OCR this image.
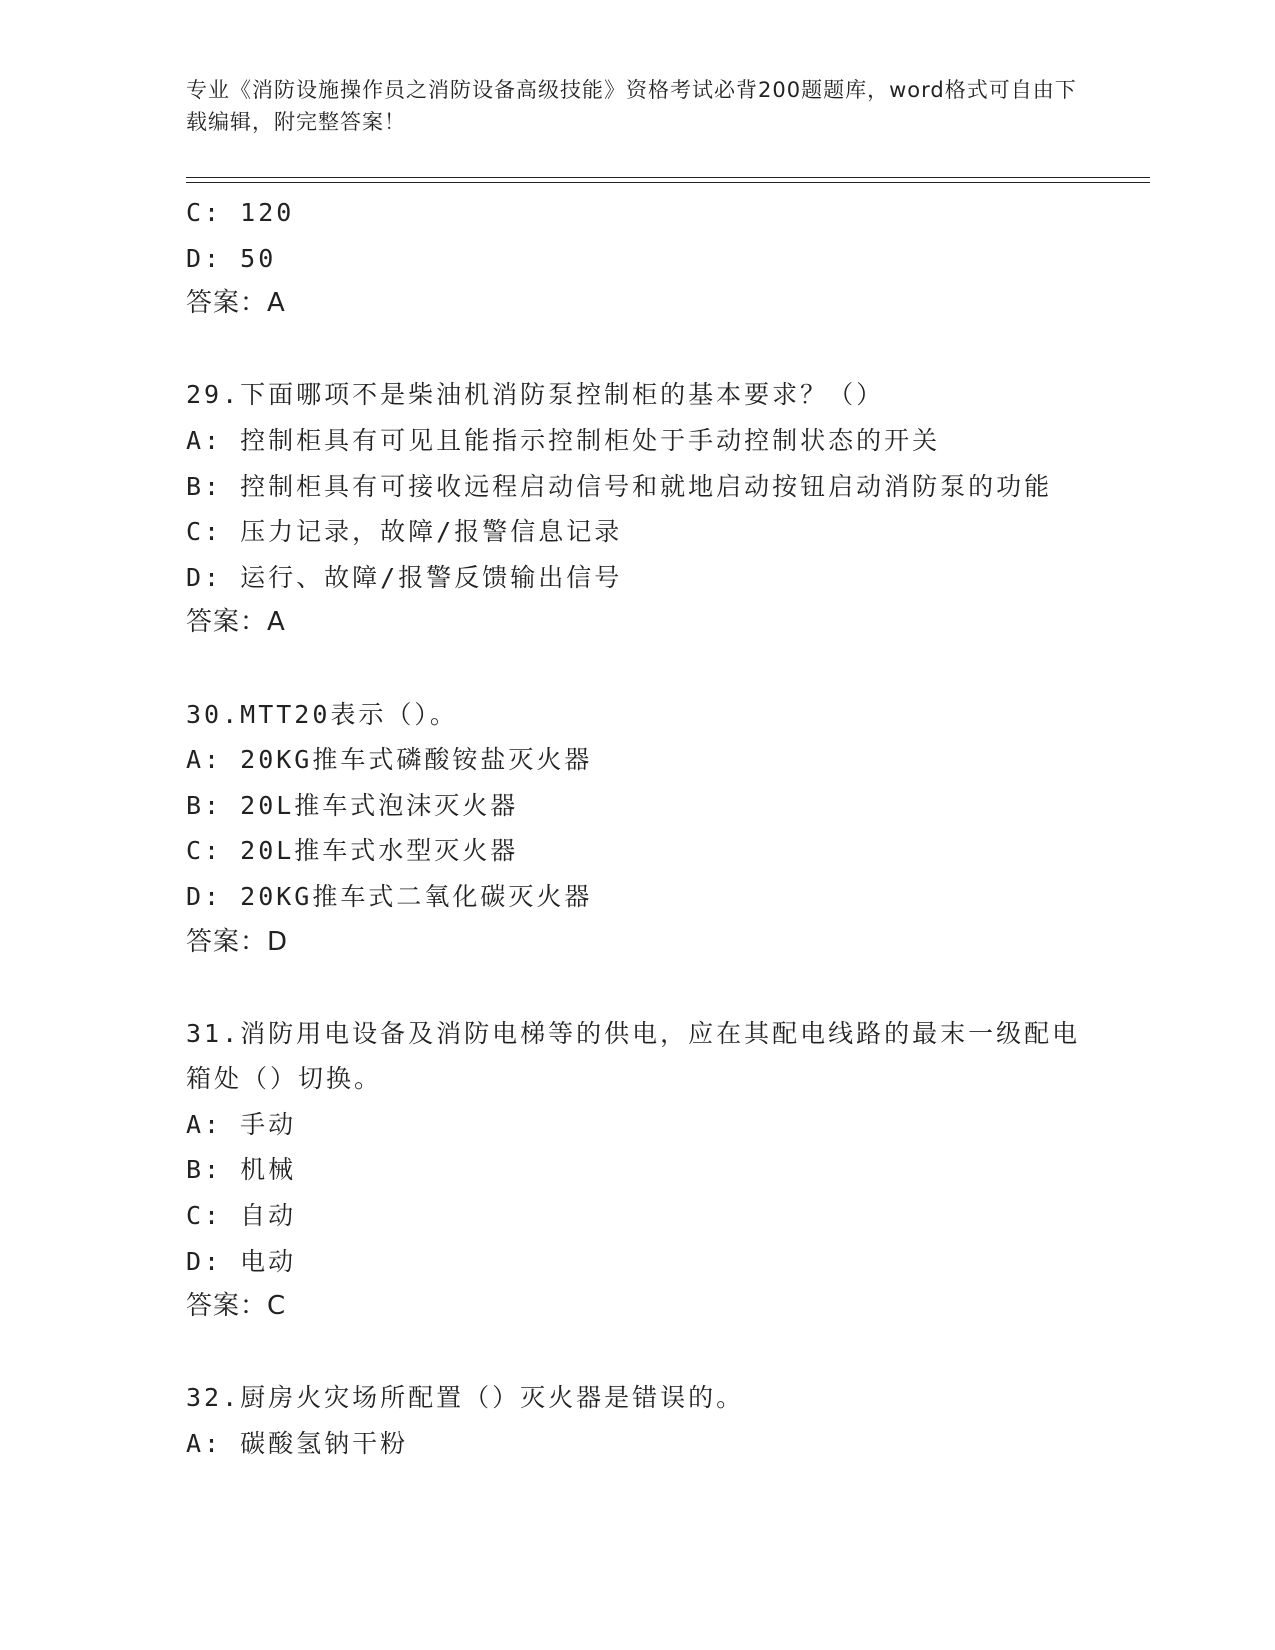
专业《消防设施操作员之消防设备高级技能》资格考试必背200题题库，word格式可自由下载编辑，附完整答案！
C: 120
D: 50
答案：A
29.下面哪项不是柴油机消防泵控制柜的基本要求？（）
A: 控制柜具有可见且能指示控制柜处于手动控制状态的开关
B: 控制柜具有可接收远程启动信号和就地启动按钮启动消防泵的功能
C: 压力记录，故障/报警信息记录
D: 运行、故障/报警反馈输出信号
答案：A
30.MTT20表示（）。
A: 20KG推车式磷酸铵盐灭火器
B: 20L推车式泡沫灭火器
C: 20L推车式水型灭火器
D: 20KG推车式二氧化碳灭火器
答案：D
31.消防用电设备及消防电梯等的供电，应在其配电线路的最末一级配电箱处（）切换。
A: 手动
B: 机械
C: 自动
D: 电动
答案：C
32.厨房火灾场所配置（）灭火器是错误的。
A: 碳酸氢钠干粉
